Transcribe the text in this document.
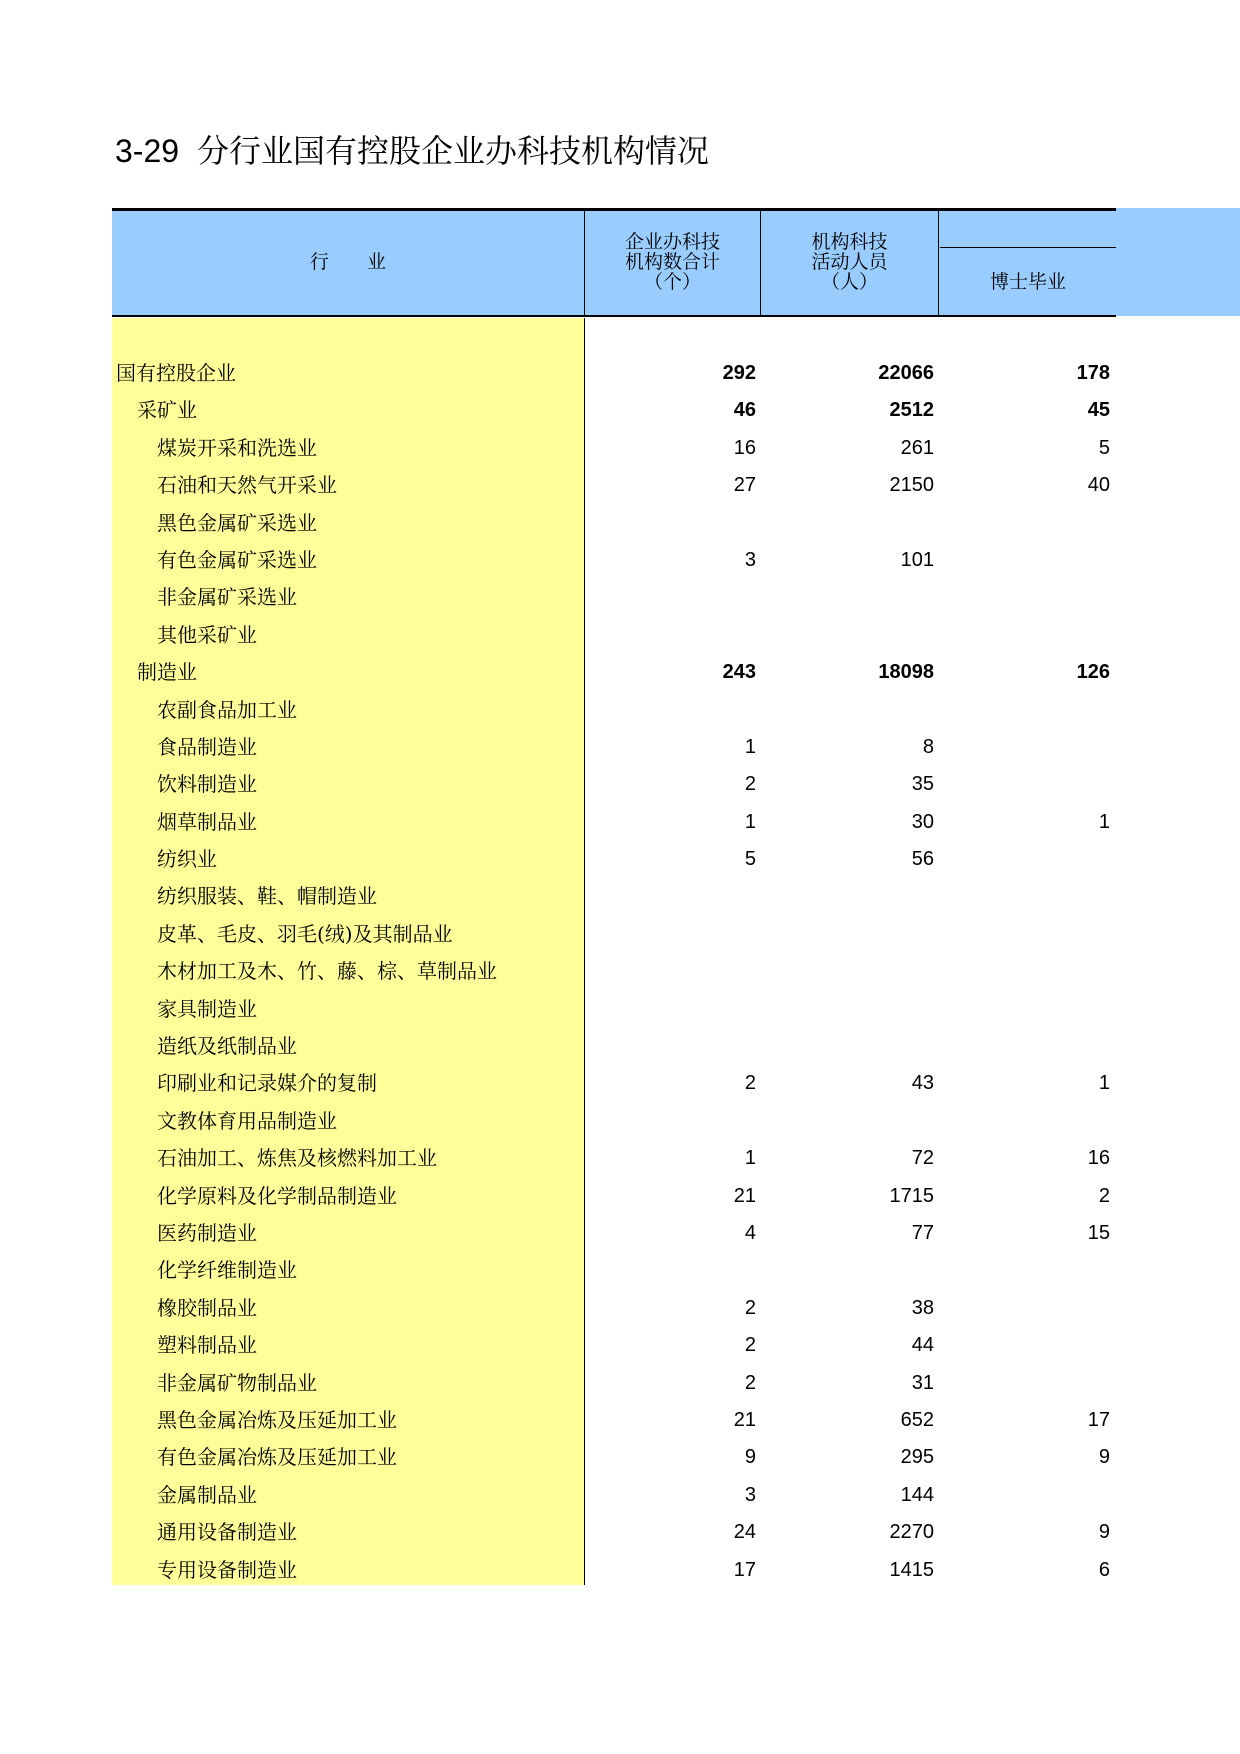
3-29 分行业国有控股企业办科技机构情况
行　　业
企业办科技
机构数合计
（个）
机构科技
活动人员
（人）	博士毕业
国有控股企业	292	22066	178
采矿业	46	2512	45
煤炭开采和洗选业	16	261	5
石油和天然气开采业	27	2150	40
黑色金属矿采选业
有色金属矿采选业	3	101
非金属矿采选业
其他采矿业
制造业	243	18098	126
农副食品加工业
食品制造业	1	8
饮料制造业	2	35
烟草制品业	1	30	1
纺织业	5	56
纺织服装、鞋、帽制造业
皮革、毛皮、羽毛(绒)及其制品业
木材加工及木、竹、藤、棕、草制品业
家具制造业
造纸及纸制品业
印刷业和记录媒介的复制	2	43	1
文教体育用品制造业
石油加工、炼焦及核燃料加工业	1	72	16
化学原料及化学制品制造业	21	1715	2
医药制造业	4	77	15
化学纤维制造业
橡胶制品业	2	38
塑料制品业	2	44
非金属矿物制品业	2	31
黑色金属冶炼及压延加工业	21	652	17
有色金属冶炼及压延加工业	9	295	9
金属制品业	3	144
通用设备制造业	24	2270	9
专用设备制造业	17	1415	6
